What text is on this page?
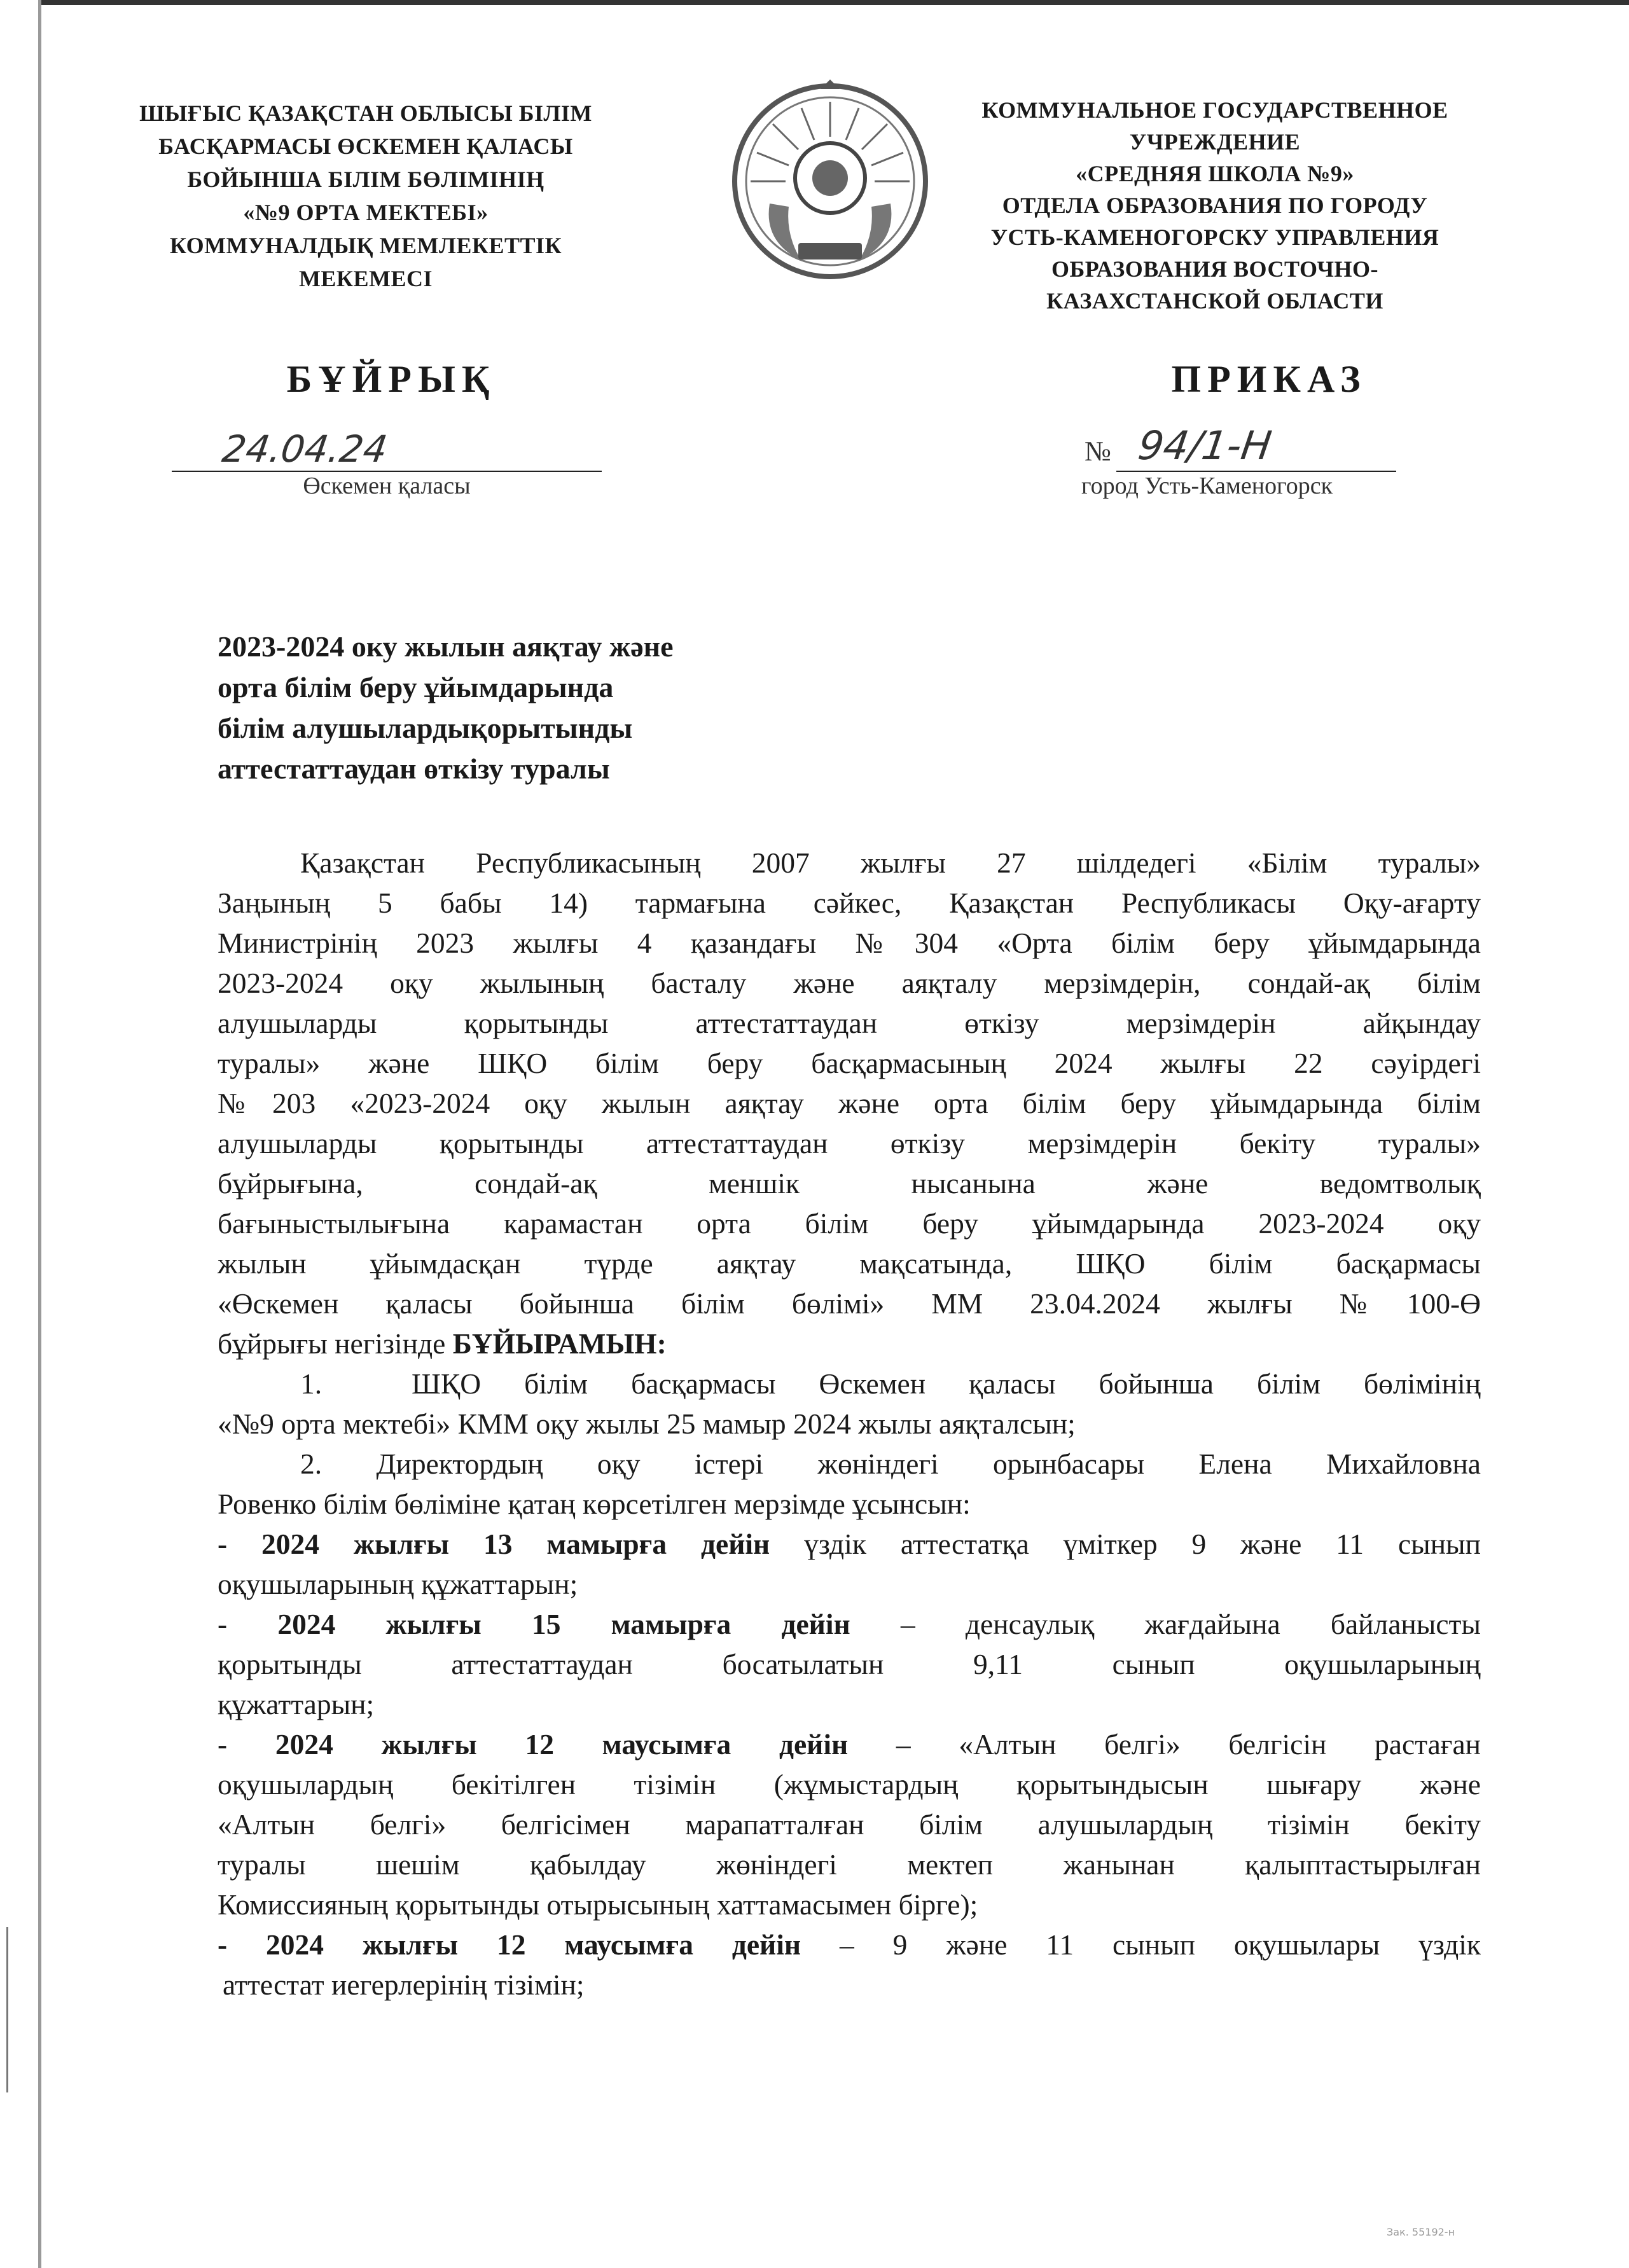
ШЫҒЫС ҚАЗАҚСТАН ОБЛЫСЫ БІЛІМ
БАСҚАРМАСЫ ӨСКЕМЕН ҚАЛАСЫ
БОЙЫНША БІЛІМ БӨЛІМІНІҢ
«№9 ОРТА МЕКТЕБІ»
КОММУНАЛДЫҚ МЕМЛЕКЕТТІК
МЕКЕМЕСІ
КОММУНАЛЬНОЕ ГОСУДАРСТВЕННОЕ
УЧРЕЖДЕНИЕ
«СРЕДНЯЯ ШКОЛА №9»
ОТДЕЛА ОБРАЗОВАНИЯ ПО ГОРОДУ
УСТЬ-КАМЕНОГОРСКУ УПРАВЛЕНИЯ
ОБРАЗОВАНИЯ ВОСТОЧНО-
КАЗАХСТАНСКОЙ ОБЛАСТИ
БҰЙРЫҚ	ПРИКАЗ
24.04.24
Өскемен қаласы
№ 94/1-Н
город Усть-Каменогорск
2023-2024 оку жылын аяқтау және
орта білім беру ұйымдарында
білім алушылардықорытынды
аттестаттаудан өткізу туралы

Қазақстан Республикасының 2007 жылғы 27 шілдедегі «Білім туралы»

Заңының 5 бабы 14) тармағына сәйкес, Қазақстан Республикасы Оқу-ағарту

Министрінің 2023 жылғы 4 қазандағы №304 «Орта білім беру ұйымдарында

2023-2024 оқу жылының басталу және аяқталу мерзімдерін, сондай-ақ білім

алушыларды қорытынды аттестаттаудан өткізу мерзімдерін айқындау

туралы» және ШҚО білім беру басқармасының 2024 жылғы 22 сәуірдегі

№203 «2023-2024 оқу жылын аяқтау және орта білім беру ұйымдарында білім

алушыларды қорытынды аттестаттаудан өткізу мерзімдерін бекіту туралы»

бұйрығына, сондай-ақ меншік нысанына және ведомтволық

бағыныстылығына карамастан орта білім беру ұйымдарында 2023-2024 оқу

жылын ұйымдасқан түрде аяқтау мақсатында, ШҚО білім басқармасы

«Өскемен қаласы бойынша білім бөлімі» ММ 23.04.2024 жылғы №100-Ө

бұйрығы негізінде БҰЙЫРАМЫН:

1.	ШҚО білім басқармасы Өскемен қаласы бойынша білім бөлімінің

«№9 орта мектебі» КММ оқу жылы 25 мамыр 2024 жылы аяқталсын;

2. Директордың оқу істері жөніндегі орынбасары Елена Михайловна

Ровенко білім бөліміне қатаң көрсетілген мерзімде ұсынсын:

- 2024 жылғы 13 мамырға дейін үздік аттестатқа үміткер 9 және 11 сынып

оқушыларының құжаттарын;

- 2024 жылғы 15 мамырға дейін – денсаулық жағдайына байланысты

қорытынды аттестаттаудан босатылатын 9,11 сынып оқушыларының

құжаттарын;

- 2024 жылғы 12 маусымға дейін – «Алтын белгі» белгісін растаған

оқушылардың бекітілген тізімін (жұмыстардың қорытындысын шығару және

«Алтын белгі» белгісімен марапатталған білім алушылардың тізімін бекіту

туралы шешім қабылдау жөніндегі мектеп жанынан қалыптастырылған

Комиссияның қорытынды отырысының хаттамасымен бірге);

- 2024 жылғы 12 маусымға дейін – 9 және 11 сынып оқушылары үздік

аттестат иегерлерінің тізімін;

Зак. 55192-н
